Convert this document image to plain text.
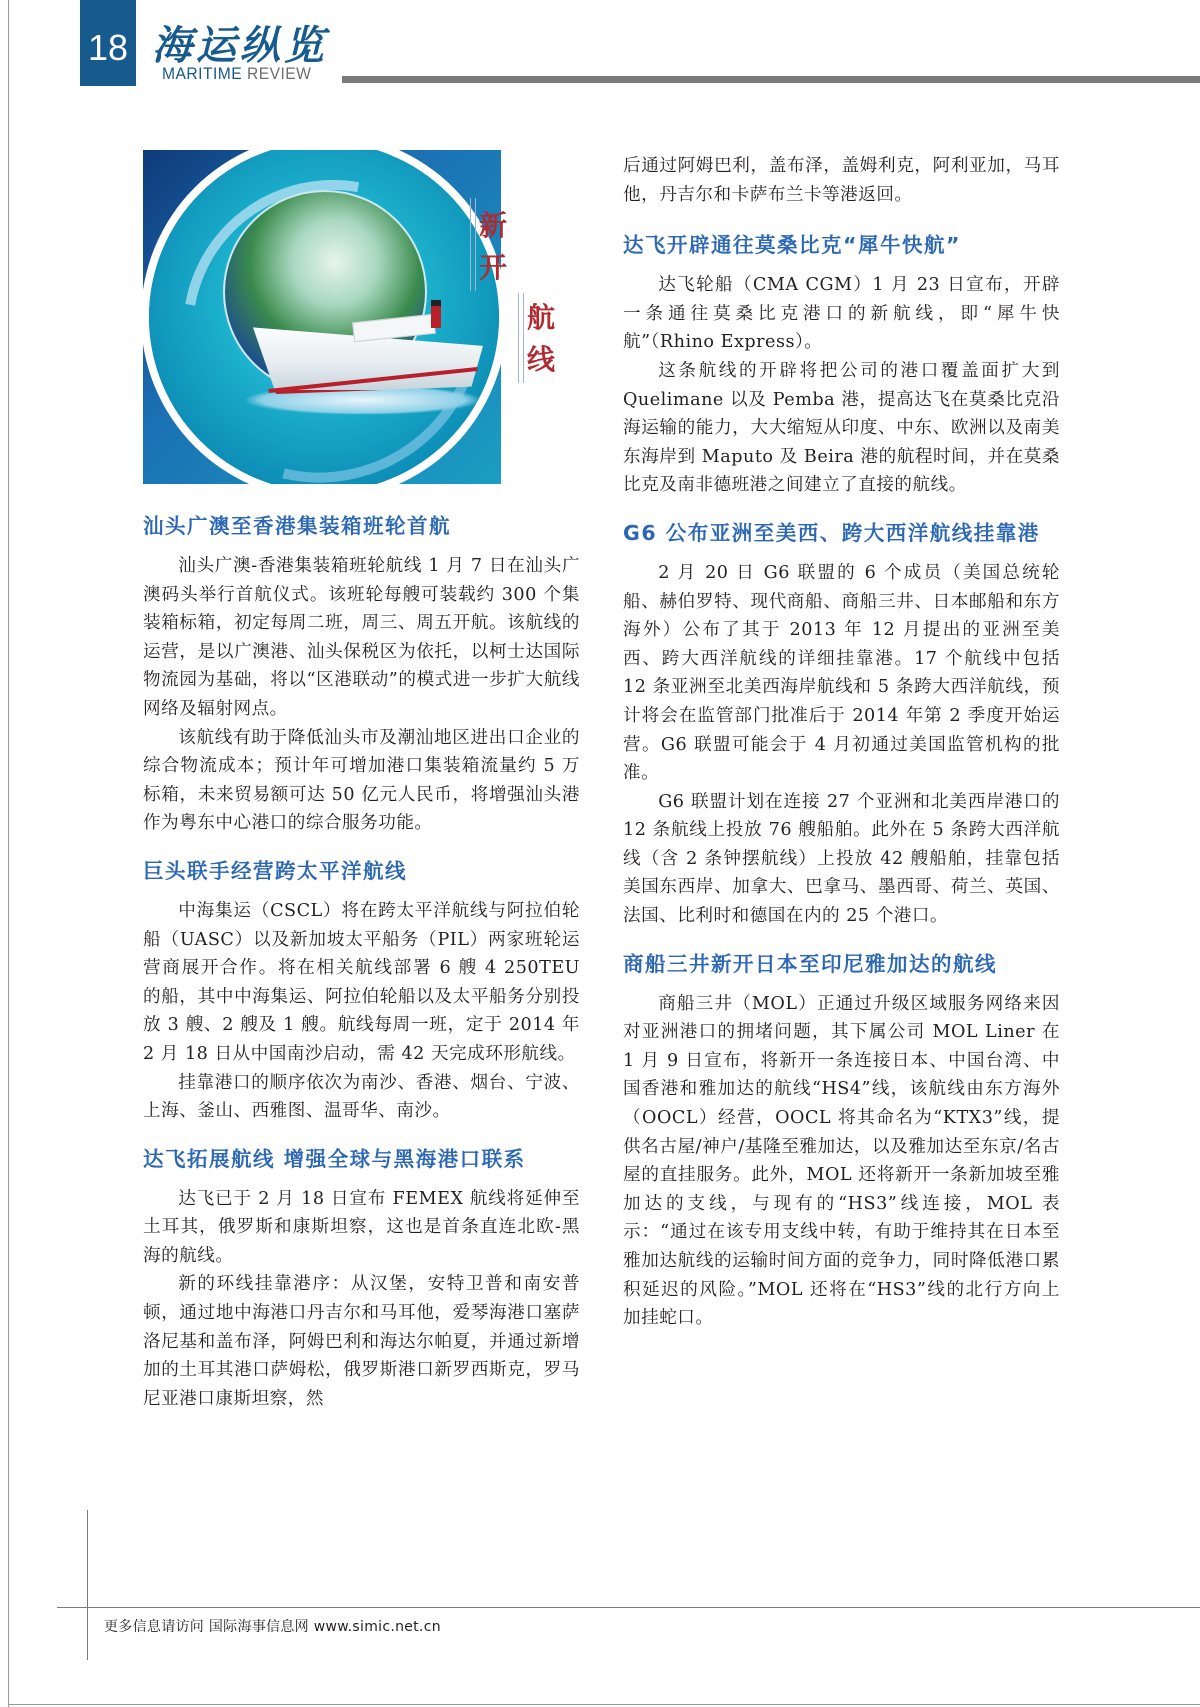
18 海运纵览
MARITIME REVIEW
汕头广澳至香港集装箱班轮首航

汕头广澳-香港集装箱班轮航线 1 月 7 日在汕头广澳码头举行首航仪式。该班轮每艘可装载约 300 个集装箱标箱，初定每周二班，周三、周五开航。该航线的运营，是以广澳港、汕头保税区为依托，以柯士达国际物流园为基础，将以“区港联动”的模式进一步扩大航线网络及辐射网点。

该航线有助于降低汕头市及潮汕地区进出口企业的综合物流成本；预计年可增加港口集装箱流量约 5 万标箱，未来贸易额可达 50 亿元人民币，将增强汕头港作为粤东中心港口的综合服务功能。

巨头联手经营跨太平洋航线

中海集运（CSCL）将在跨太平洋航线与阿拉伯轮船（UASC）以及新加坡太平船务（PIL）两家班轮运营商展开合作。将在相关航线部署 6 艘 4 250TEU 的船，其中中海集运、阿拉伯轮船以及太平船务分别投放 3 艘、2 艘及 1 艘。航线每周一班，定于 2014 年 2 月 18 日从中国南沙启动，需 42 天完成环形航线。

挂靠港口的顺序依次为南沙、香港、烟台、宁波、上海、釜山、西雅图、温哥华、南沙。

达飞拓展航线 增强全球与黑海港口联系

达飞已于 2 月 18 日宣布 FEMEX 航线将延伸至土耳其，俄罗斯和康斯坦察，这也是首条直连北欧-黑海的航线。

新的环线挂靠港序：从汉堡，安特卫普和南安普顿，通过地中海港口丹吉尔和马耳他，爱琴海港口塞萨洛尼基和盖布泽，阿姆巴利和海达尔帕夏，并通过新增加的土耳其港口萨姆松，俄罗斯港口新罗西斯克，罗马尼亚港口康斯坦察，然

新
开
航
线

后通过阿姆巴利，盖布泽，盖姆利克，阿利亚加，马耳他，丹吉尔和卡萨布兰卡等港返回。

达飞开辟通往莫桑比克“犀牛快航”

达飞轮船（CMA CGM）1 月 23 日宣布，开辟一条通往莫桑比克港口的新航线，即“犀牛快航”（Rhino Express）。

这条航线的开辟将把公司的港口覆盖面扩大到 Quelimane 以及 Pemba 港，提高达飞在莫桑比克沿海运输的能力，大大缩短从印度、中东、欧洲以及南美东海岸到 Maputo 及 Beira 港的航程时间，并在莫桑比克及南非德班港之间建立了直接的航线。

G6 公布亚洲至美西、跨大西洋航线挂靠港

2 月 20 日 G6 联盟的 6 个成员（美国总统轮船、赫伯罗特、现代商船、商船三井、日本邮船和东方海外）公布了其于 2013 年 12 月提出的亚洲至美西、跨大西洋航线的详细挂靠港。17 个航线中包括 12 条亚洲至北美西海岸航线和 5 条跨大西洋航线，预计将会在监管部门批准后于 2014 年第 2 季度开始运营。G6 联盟可能会于 4 月初通过美国监管机构的批准。

G6 联盟计划在连接 27 个亚洲和北美西岸港口的 12 条航线上投放 76 艘船舶。此外在 5 条跨大西洋航线（含 2 条钟摆航线）上投放 42 艘船舶，挂靠包括美国东西岸、加拿大、巴拿马、墨西哥、荷兰、英国、法国、比利时和德国在内的 25 个港口。

商船三井新开日本至印尼雅加达的航线

商船三井（MOL）正通过升级区域服务网络来因对亚洲港口的拥堵问题，其下属公司 MOL Liner 在 1 月 9 日宣布，将新开一条连接日本、中国台湾、中国香港和雅加达的航线“HS4”线，该航线由东方海外（OOCL）经营，OOCL 将其命名为“KTX3”线，提供名古屋/神户/基隆至雅加达，以及雅加达至东京/名古屋的直挂服务。此外，MOL 还将新开一条新加坡至雅加达的支线，与现有的“HS3”线连接，MOL 表示：“通过在该专用支线中转，有助于维持其在日本至雅加达航线的运输时间方面的竞争力，同时降低港口累积延迟的风险。”MOL 还将在“HS3”线的北行方向上加挂蛇口。

更多信息请访问 国际海事信息网 www.simic.net.cn
